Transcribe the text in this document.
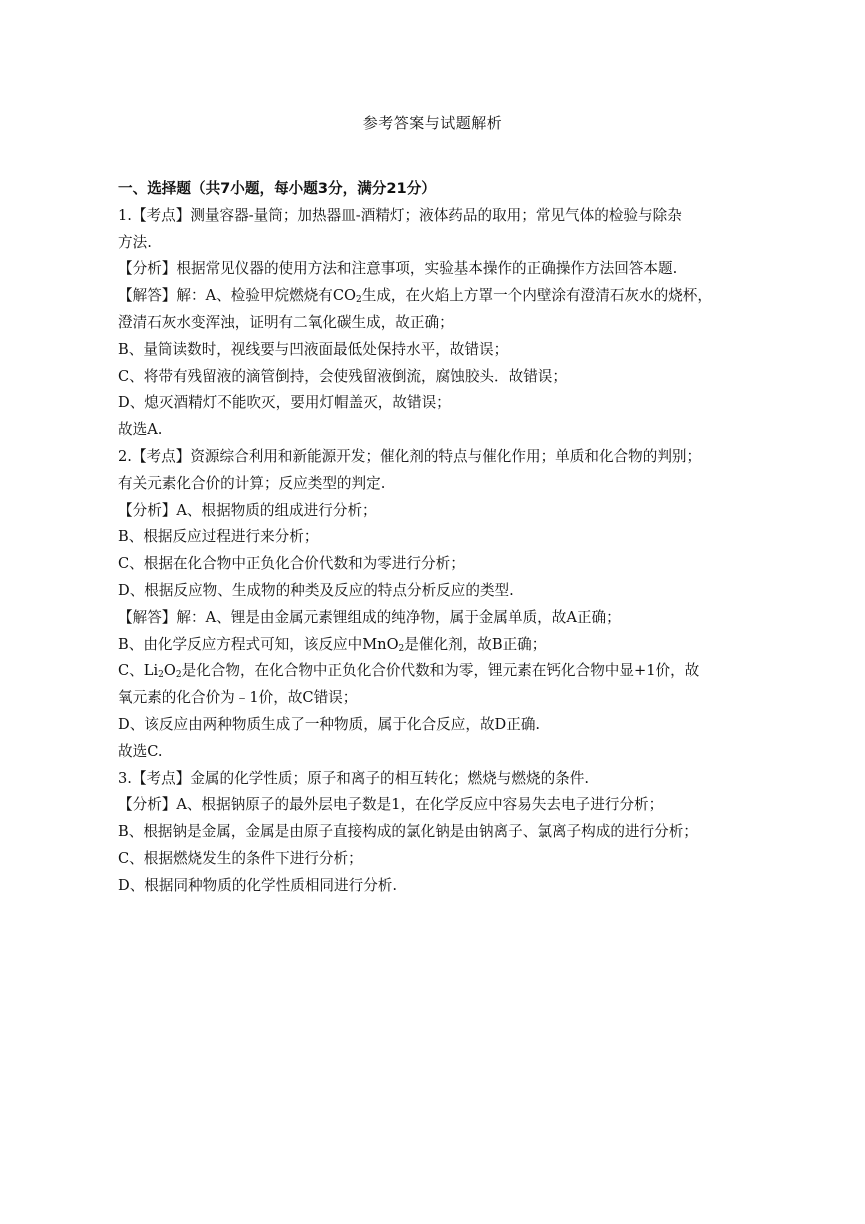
参考答案与试题解析
一、选择题（共7小题，每小题3分，满分21分）
1.【考点】测量容器-量筒；加热器皿-酒精灯；液体药品的取用；常见气体的检验与除杂
方法.
【分析】根据常见仪器的使用方法和注意事项，实验基本操作的正确操作方法回答本题.
【解答】解：A、检验甲烷燃烧有$CO_2$生成，在火焰上方罩一个内壁涂有澄清石灰水的烧杯，
澄清石灰水变浑浊，证明有二氧化碳生成，故正确；
B、量筒读数时，视线要与凹液面最低处保持水平，故错误；
C、将带有残留液的滴管倒持，会使残留液倒流，腐蚀胶头．故错误；
D、熄灭酒精灯不能吹灭，要用灯帽盖灭，故错误；
故选A.
2.【考点】资源综合利用和新能源开发；催化剂的特点与催化作用；单质和化合物的判别；
有关元素化合价的计算；反应类型的判定.
【分析】A、根据物质的组成进行分析；
B、根据反应过程进行来分析；
C、根据在化合物中正负化合价代数和为零进行分析；
D、根据反应物、生成物的种类及反应的特点分析反应的类型.
【解答】解：A、锂是由金属元素锂组成的纯净物，属于金属单质，故A正确；
B、由化学反应方程式可知，该反应中MnO$_2$是催化剂，故B正确；
C、$Li_2O_2$是化合物，在化合物中正负化合价代数和为零，锂元素在钙化合物中显+1价，故
氧元素的化合价为﹣1价，故C错误；
D、该反应由两种物质生成了一种物质，属于化合反应，故D正确.
故选C.
3.【考点】金属的化学性质；原子和离子的相互转化；燃烧与燃烧的条件.
【分析】A、根据钠原子的最外层电子数是1，在化学反应中容易失去电子进行分析；
B、根据钠是金属，金属是由原子直接构成的氯化钠是由钠离子、氯离子构成的进行分析；
C、根据燃烧发生的条件下进行分析；
D、根据同种物质的化学性质相同进行分析.
